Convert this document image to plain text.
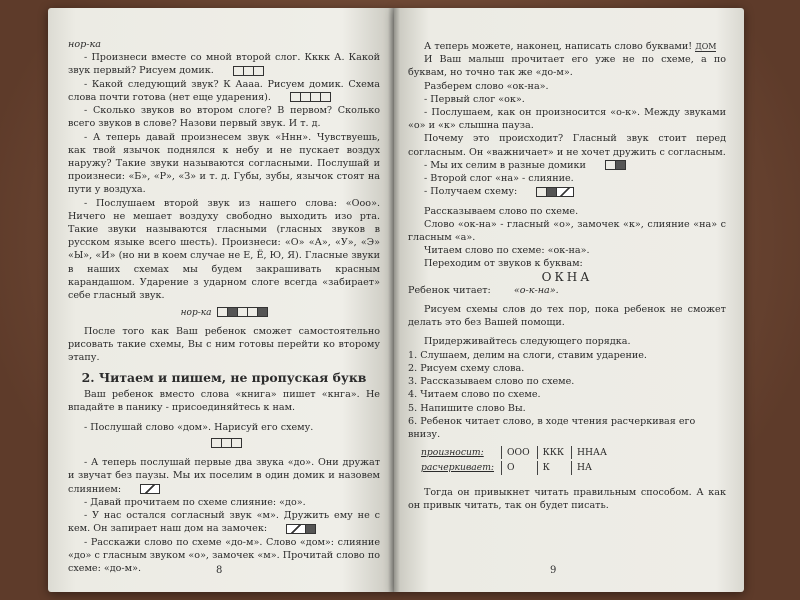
нор-ка

- Произнеси вместе со мной второй слог. Кккк А. Какой звук первый? Рисуем домик.

- Какой следующий звук? К Аааа. Рисуем домик. Схема слова почти готова (нет еще ударения).

- Сколько звуков во втором слоге? В первом? Сколько всего звуков в слове? Назови первый звук. И т. д.

- А теперь давай произнесем звук «Ннн». Чувствуешь, как твой язычок поднялся к небу и не пускает воздух наружу? Такие звуки называются согласными. Послушай и произнеси: «Б», «Р», «З» и т. д. Губы, зубы, язычок стоят на пути у воздуха.

- Послушаем второй звук из нашего слова: «Ооо». Ничего не мешает воздуху свободно выходить изо рта. Такие звуки называются гласными (гласных звуков в русском языке всего шесть). Произнеси: «О» «А», «У», «Э» «Ы», «И» (но ни в коем случае не Е, Ё, Ю, Я). Гласные звуки в наших схемах мы будем закрашивать красным карандашом. Ударение з ударном слоге всегда «забирает» себе гласный звук.

нор-ка

После того как Ваш ребенок сможет самостоятельно рисовать такие схемы, Вы с ним готовы перейти ко второму этапу.

2. Читаем и пишем, не пропуская букв

Ваш ребенок вместо слова «книга» пишет «кнга». Не впадайте в панику - присоединяйтесь к нам.

- Послушай слово «дом». Нарисуй его схему.

- А теперь послушай первые два звука «до». Они дружат и звучат без паузы. Мы их поселим в один домик и назовем слиянием:

- Давай прочитаем по схеме слияние: «до».

- У нас остался согласный звук «м». Дружить ему не с кем. Он запирает наш дом на замочек:

- Расскажи слово по схеме «до-м». Слово «дом»: слияние «до» с гласным звуком «о», замочек «м». Прочитай слово по схеме: «до-м».	8

А теперь можете, наконец, написать слово буквами! ДОМ

И Ваш малыш прочитает его уже не по схеме, а по буквам, но точно так же «до-м».

Разберем слово «ок-на».

- Первый слог «ок».

- Послушаем, как он произносится «о-к». Между звуками «о» и «к» слышна пауза.

Почему это происходит? Гласный звук стоит перед согласным. Он «важничает» и не хочет дружить с согласным.

- Мы их селим в разные домики

- Второй слог «на» - слияние.

- Получаем схему:

Рассказываем слово по схеме.

Слово «ок-на» - гласный «о», замочек «к», слияние «на» с гласным «а».

Читаем слово по схеме: «ок-на».

Переходим от звуков к буквам:

ОКНА

Ребенок читает: «о-к-на».

Рисуем схемы слов до тех пор, пока ребенок не сможет делать это без Вашей помощи.

Придерживайтесь следующего порядка.

1. Слушаем, делим на слоги, ставим ударение.
2. Рисуем схему слова.
3. Рассказываем слово по схеме.
4. Читаем слово по схеме.
5. Напишите слово Вы.
6. Ребенок читает слово, в ходе чтения расчеркивая его внизу.
произносит:	ООО	ККК	ННАА
расчеркивает:	О	К	НА

Тогда он привыкнет читать правильным способом. А как он привык читать, так он будет писать.

9
